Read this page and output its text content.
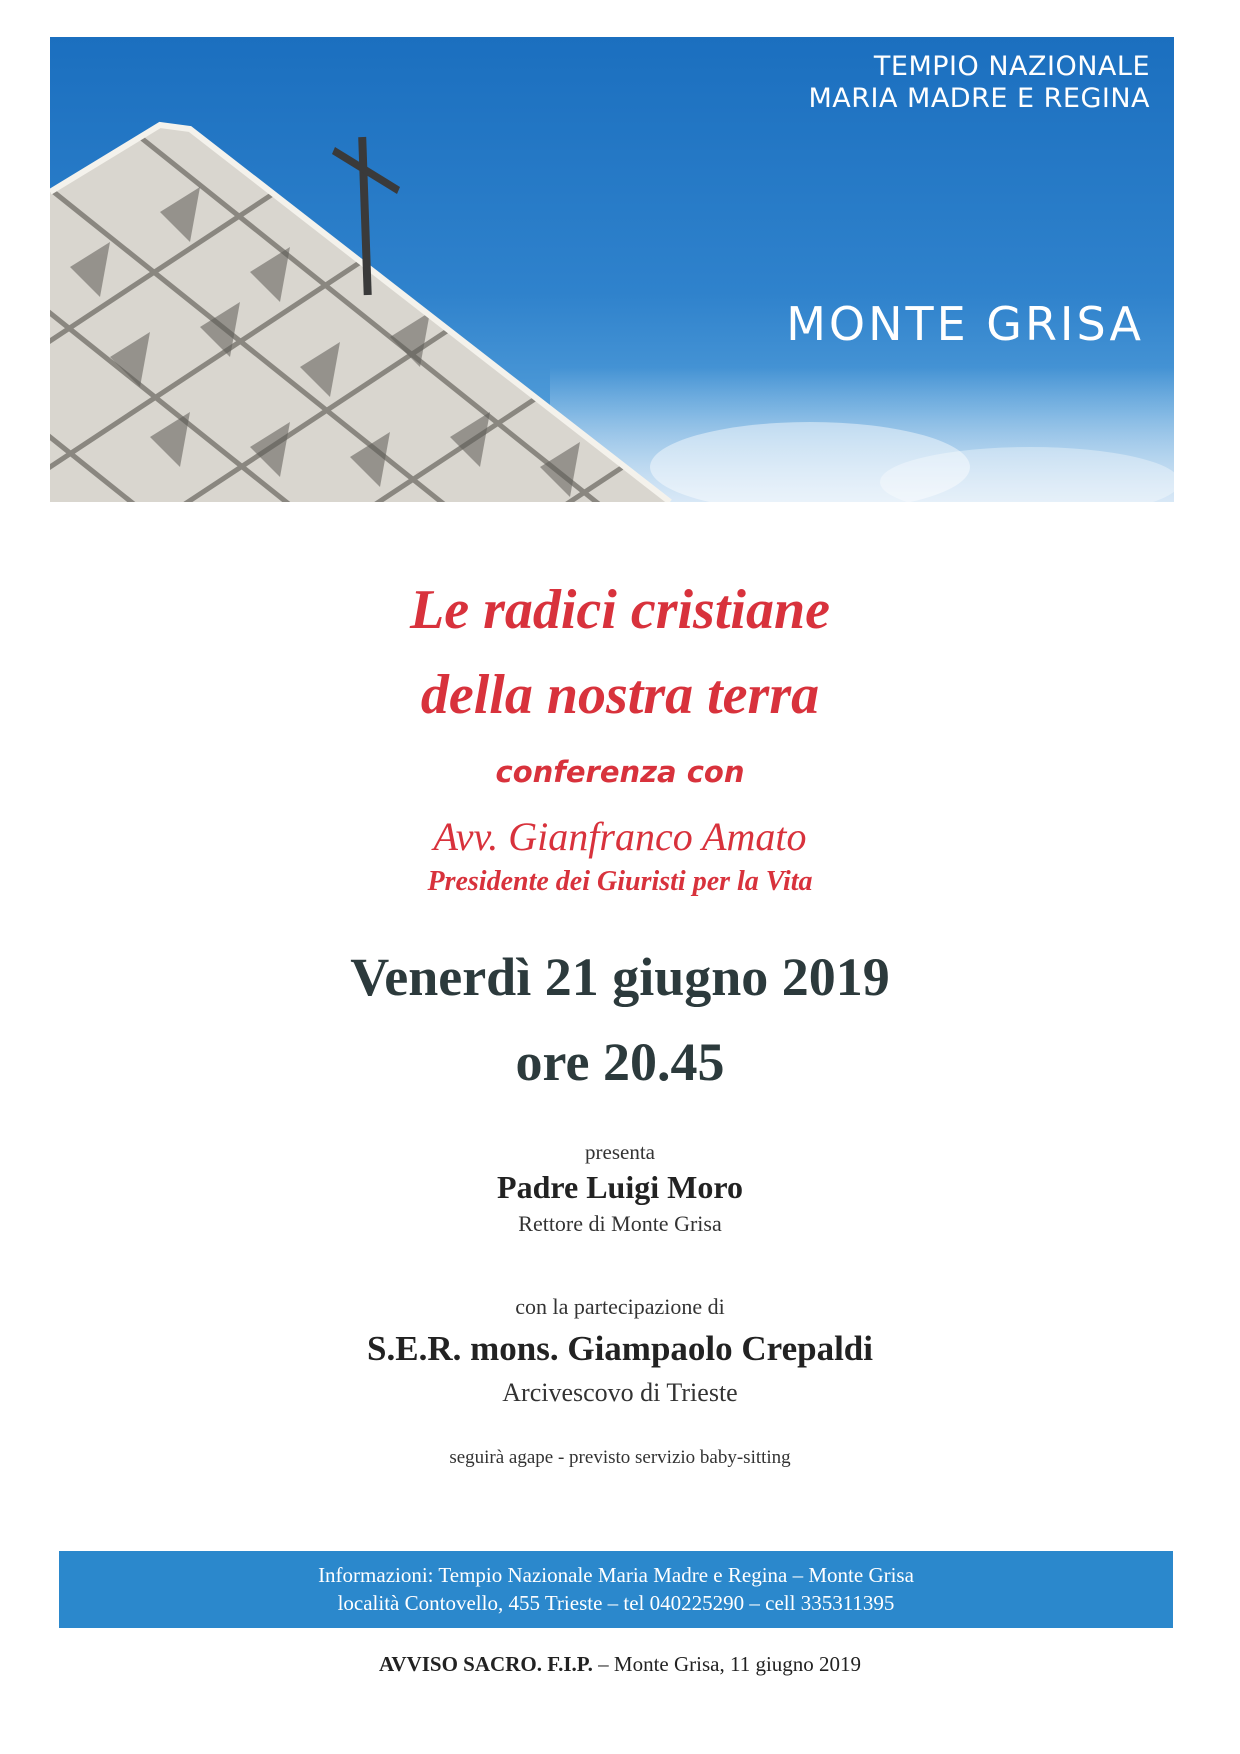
TEMPIO NAZIONALE
MARIA MADRE E REGINA
MONTE GRISA
Le radici cristiane
della nostra terra
conferenza con
Avv. Gianfranco Amato
Presidente dei Giuristi per la Vita
Venerdì 21 giugno 2019
ore 20.45
presenta
Padre Luigi Moro
Rettore di Monte Grisa
con la partecipazione di
S.E.R. mons. Giampaolo Crepaldi
Arcivescovo di Trieste
seguirà agape - previsto servizio baby-sitting
Informazioni: Tempio Nazionale Maria Madre e Regina – Monte Grisa
località Contovello, 455 Trieste – tel 040225290 – cell 335311395
AVVISO SACRO. F.I.P. – Monte Grisa, 11 giugno 2019
